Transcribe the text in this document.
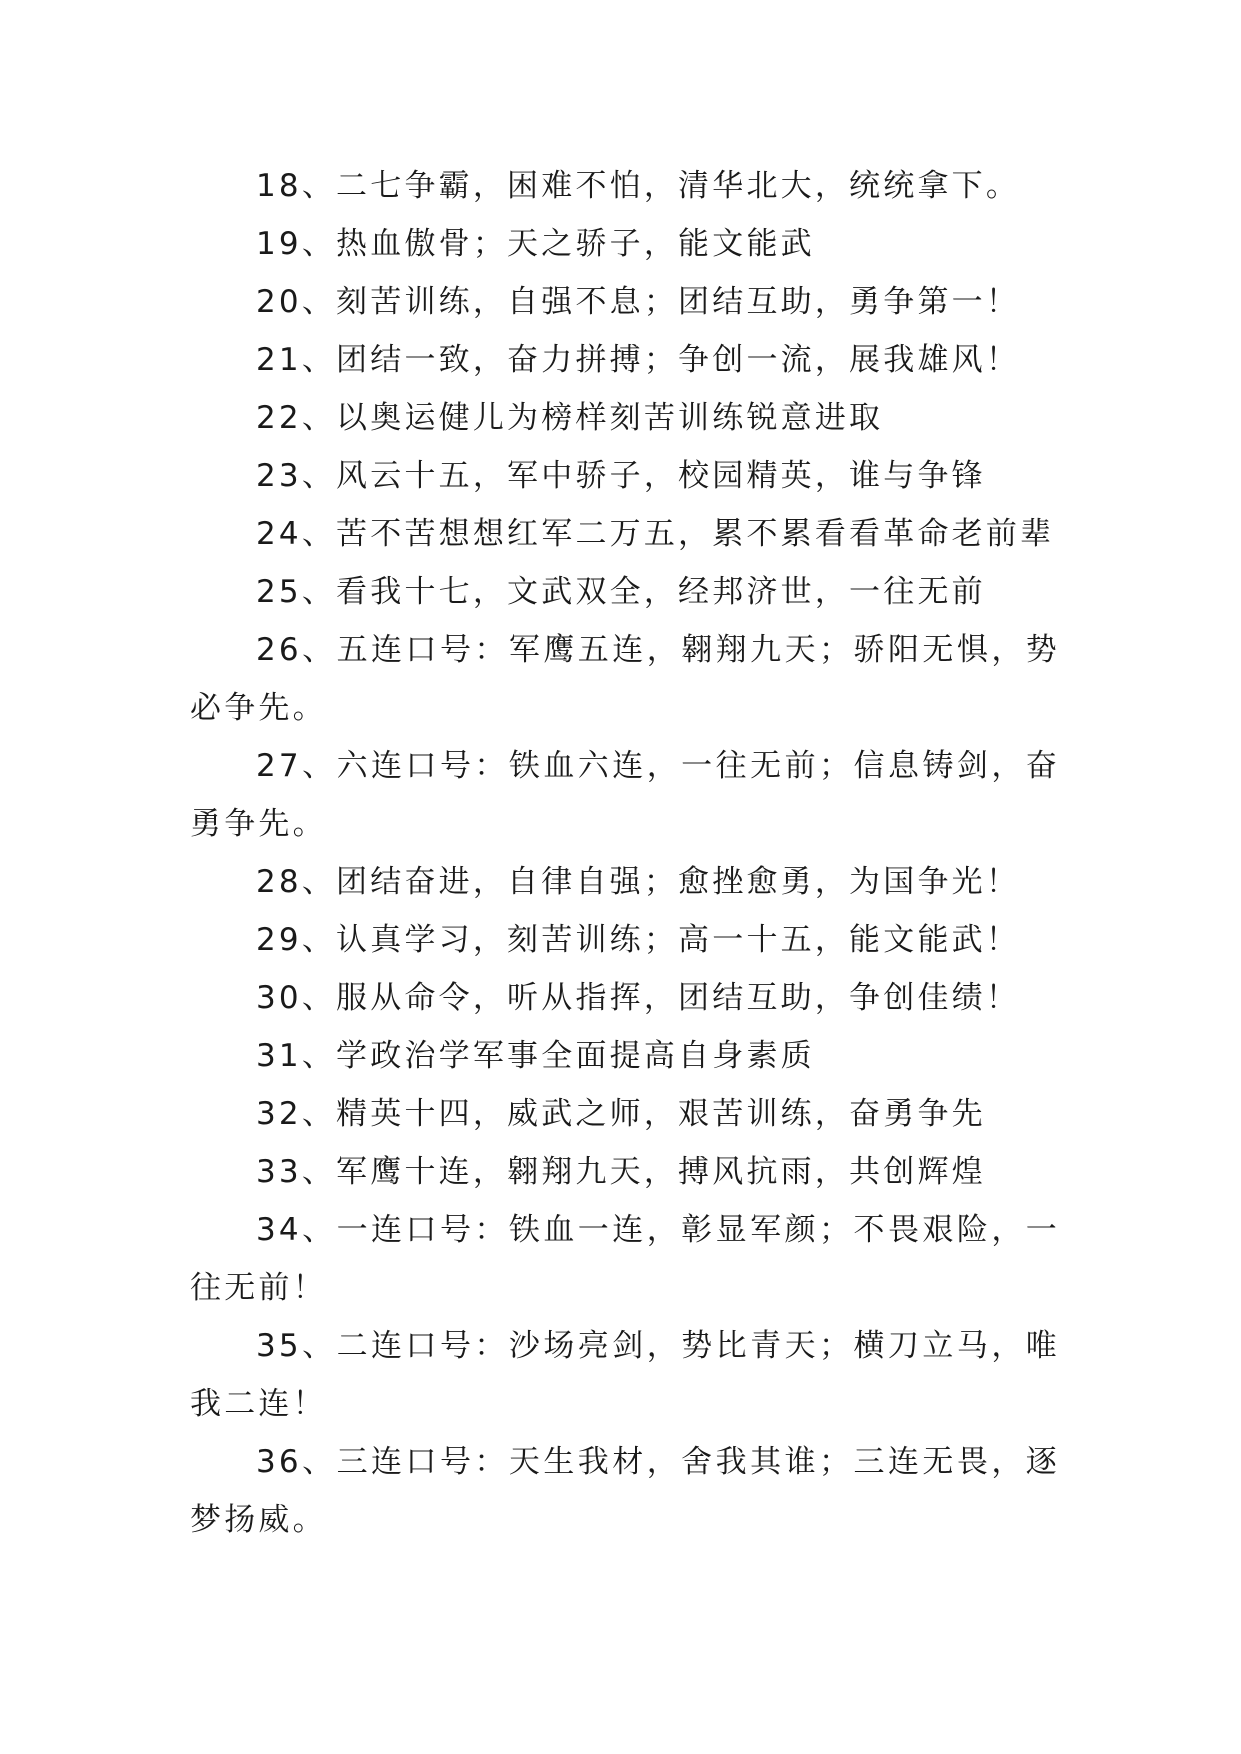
18、二七争霸，困难不怕，清华北大，统统拿下。

19、热血傲骨；天之骄子，能文能武

20、刻苦训练，自强不息；团结互助，勇争第一！

21、团结一致，奋力拼搏；争创一流，展我雄风！

22、以奥运健儿为榜样刻苦训练锐意进取

23、风云十五，军中骄子，校园精英，谁与争锋

24、苦不苦想想红军二万五，累不累看看革命老前辈

25、看我十七，文武双全，经邦济世，一往无前

26、五连口号：军鹰五连，翱翔九天；骄阳无惧，势必争先。

27、六连口号：铁血六连，一往无前；信息铸剑，奋勇争先。

28、团结奋进，自律自强；愈挫愈勇，为国争光！

29、认真学习，刻苦训练；高一十五，能文能武！

30、服从命令，听从指挥，团结互助，争创佳绩！

31、学政治学军事全面提高自身素质

32、精英十四，威武之师，艰苦训练，奋勇争先

33、军鹰十连，翱翔九天，搏风抗雨，共创辉煌

34、一连口号：铁血一连，彰显军颜；不畏艰险，一往无前！

35、二连口号：沙场亮剑，势比青天；横刀立马，唯我二连！

36、三连口号：天生我材，舍我其谁；三连无畏，逐梦扬威。
